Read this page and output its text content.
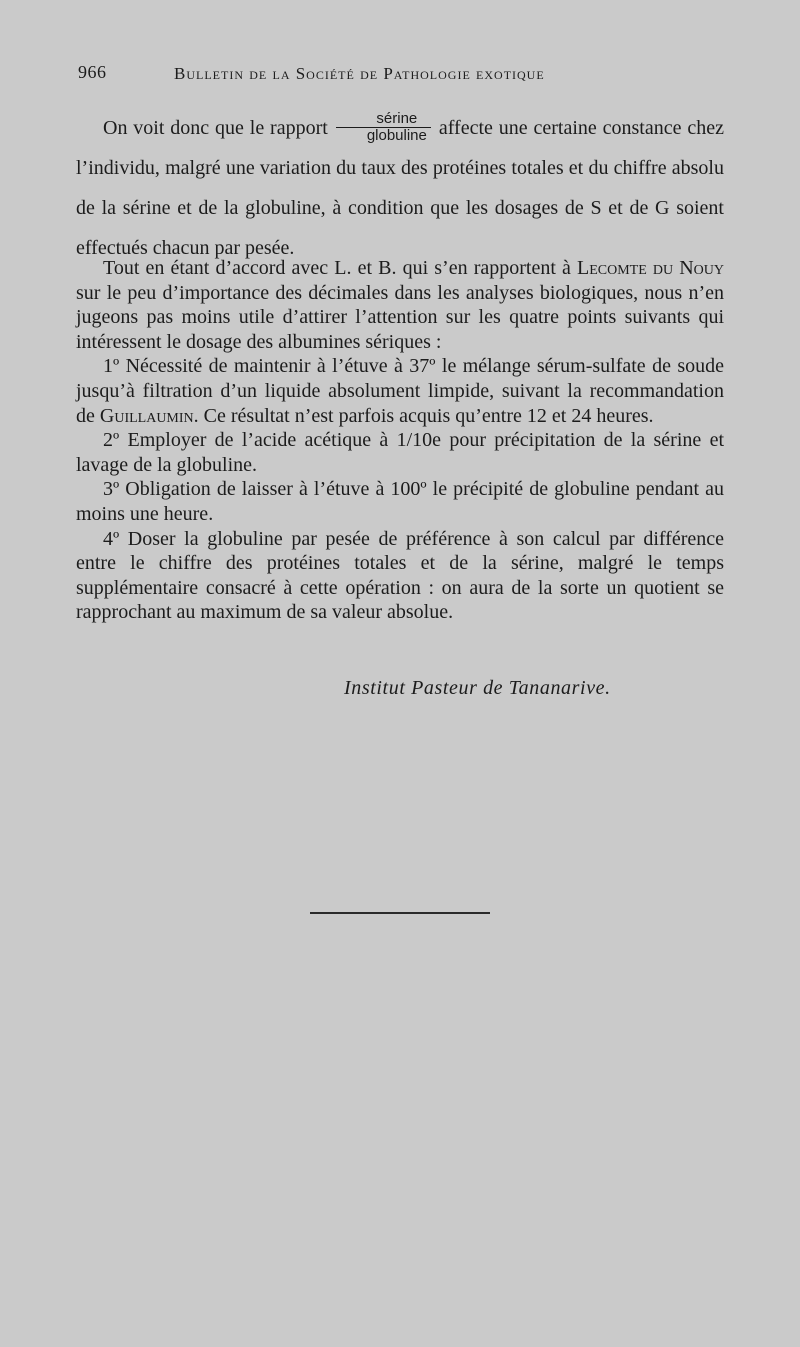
966	Bulletin de la Société de Pathologie exotique

On voit donc que le rapport $\frac{\text{sérine}}{\text{globuline}}$ affecte une certaine constance chez l’individu, malgré une variation du taux des protéines totales et du chiffre absolu de la sérine et de la globuline, à condition que les dosages de S et de G soient effectués chacun par pesée.

Tout en étant d’accord avec L. et B. qui s’en rapportent à Lecomte du Nouy sur le peu d’importance des décimales dans les analyses biologiques, nous n’en jugeons pas moins utile d’attirer l’attention sur les quatre points suivants qui intéressent le dosage des albumines sériques :

1º Nécessité de maintenir à l’étuve à 37º le mélange sérum-sulfate de soude jusqu’à filtration d’un liquide absolument limpide, suivant la recommandation de Guillaumin. Ce résultat n’est parfois acquis qu’entre 12 et 24 heures.

2º Employer de l’acide acétique à 1/10e pour précipitation de la sérine et lavage de la globuline.

3º Obligation de laisser à l’étuve à 100º le précipité de globuline pendant au moins une heure.

4º Doser la globuline par pesée de préférence à son calcul par différence entre le chiffre des protéines totales et de la sérine, malgré le temps supplémentaire consacré à cette opération : on aura de la sorte un quotient se rapprochant au maximum de sa valeur absolue.

Institut Pasteur de Tananarive.
